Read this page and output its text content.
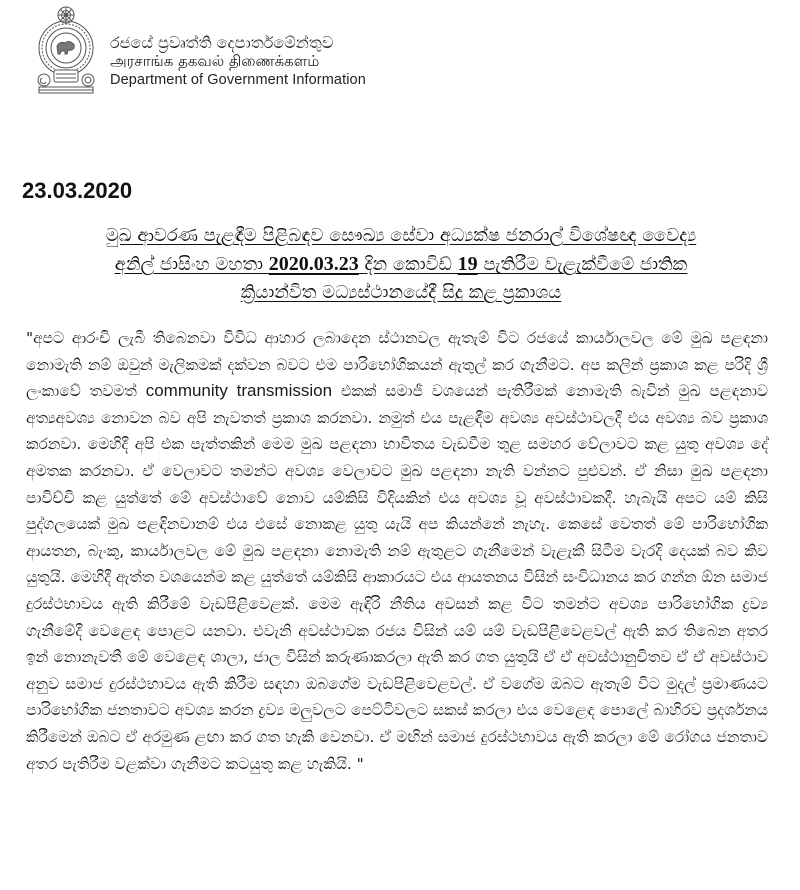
රජයේ ප්‍රවෘත්ති දෙපාර්තමේන්තුව
அரசாங்க தகவல் திணைக்களம்
Department of Government Information
23.03.2020
මුඛ ආවරණ පැළඳීම පිළිබඳව සෞඛ්‍ය සේවා අධ්‍යක්ෂ ජනරාල් විශේෂඥ වෛද්‍ය
අනිල් ජාසිංහ මහතා 2020.03.23 දින කොවිඩ් 19 පැතිරීම වැළැක්වීමේ ජාතික
ක්‍රියාන්විත මධ්‍යස්ථානයේදී සිදු කළ ප්‍රකාශය
"අපට ආරංචි ලැබී තිබෙනවා විවිධ ආහාර ලබාදෙන ස්ථානවල ඇතැම් විට රජයේ කාර්යාලවල මේ මුඛ පළඳනා නොමැති නම් ඔවුන් මැලිකමක් දක්වන බවට එම පාරිභෝගිකයන් ඇතුල් කර ගැනීමට. අප කලින් ප්‍රකාශ කළ පරිදි ශ්‍රී ලංකාවේ තවමත් community transmission එකක් සමාජී වශයෙන් පැතිරීමක් නොමැති බැවින් මුඛ පළඳනාව අත්‍යඅවශ්‍ය නොවන බව අපි නැවතත් ප්‍රකාශ කරනවා. නමුත් එය පැළඳීම අවශ්‍ය අවස්ථාවලදී එය අවශ්‍ය බව ප්‍රකාශ කරනවා. මෙහිදී අපි එක පැත්තකින් මෙම මුඛ පළඳනා භාවිතය වැඩවීම තුළ සමහර වේලාවට කළ යුතු අවශ්‍ය දේ අමතක කරනවා. ඒ වෙලාවට තමන්ට අවශ්‍ය වෙලාවට මුඛ පළඳනා නැති වන්නට පුළුවන්. ඒ නිසා මුඛ පළඳනා පාවිච්චි කළ යුත්තේ මේ අවස්ථාවේ නොව යම්කිසි විදියකින් එය අවශ්‍ය වූ අවස්ථාවකදී. හැබැයි අපට යම් කිසි පුද්ගලයෙක් මුඛ පළඳිනවානම් එය එසේ නොකළ යුතු යැයි අප කියන්නේ නැහැ. කෙසේ වෙතත් මේ පාරිභෝගික ආයතන, බැංකු, කාර්යාලවල මේ මුඛ පළඳනා නොමැති නම් ඇතුළට ගැනීමෙන් වැළැකී සිටීම වැරදි දෙයක් බව කිව යුතුයි. මෙහිදී ඇත්ත වශයෙන්ම කළ යුත්තේ යම්කිසි ආකාරයට එය ආයතනය විසින් සංවිධානය කර ගන්න ඕන සමාජ දුරස්ථභාවය ඇති කිරීමේ වැඩපිළිවෙළක්. මෙම ඇඳිරි නීතිය අවසන් කළ විට තමන්ට අවශ්‍ය පාරිභෝගික ද්‍රව්‍ය ගැනීමේදී වෙළෙඳ පොළට යනවා. එවැනි අවස්ථාවක රජය විසින් යම් යම් වැඩපිළිවෙළවල් ඇති කර තිබෙන අතර ඉන් නොනැවතී මේ වෙළෙඳ ශාලා, ජාල විසින් කරුණාකරලා ඇති කර ගත යුතුයි ඒ ඒ අවස්ථානුචිතව ඒ ඒ අවස්ථාව අනුව සමාජ දුරස්ථභාවය ඇති කිරීම සඳහා ඔබගේම වැඩපිළිවෙළවල්. ඒ වගේම ඔබට ඇතැම් විට මුදල් ප්‍රමාණයට පාරිභෝගික ජනතාවට අවශ්‍ය කරන ද්‍රව්‍ය මලුවලට පෙට්ටිවලට සකස් කරලා එය වෙළෙඳ පොලේ බාහිරව ප්‍රදර්ශනය කිරීමෙන් ඔබට ඒ අරමුණ ළඟා කර ගත හැකි වෙනවා. ඒ මඟින් සමාජ දුරස්ථභාවය ඇති කරලා මේ රෝගය ජනතාව අතර පැතිරීම වළක්වා ගැනීමට කටයුතු කළ හැකියි. "
